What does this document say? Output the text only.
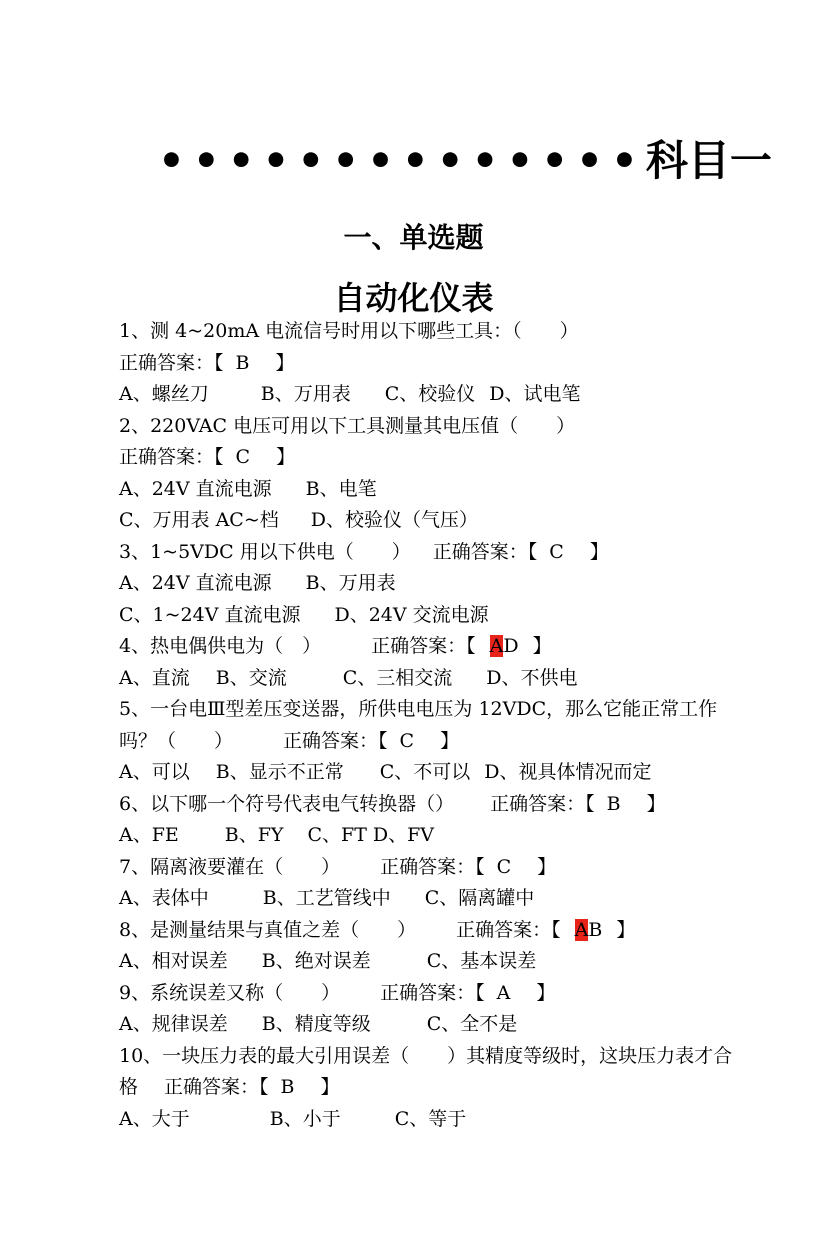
••••••••••••••科目一
一、单选题
自动化仪表
1、测 4~20mA 电流信号时用以下哪些工具：（　　）
正确答案：【 B 】
A、螺丝刀	B、万用表 C、校验仪 D、试电笔
2、220VAC 电压可用以下工具测量其电压值（　　）
正确答案：【 C 】
A、24V 直流电源 B、电笔
C、万用表 AC~档 D、校验仪（气压）
3、1~5VDC 用以下供电（　　） 正确答案：【 C 】
A、24V 直流电源 B、万用表
C、1~24V 直流电源 D、24V 交流电源
4、热电偶供电为（　）	正确答案：【 AD 】
A、直流 B、交流	C、三相交流 D、不供电
5、一台电Ⅲ型差压变送器，所供电电压为 12VDC，那么它能正常工作吗？（　　）	正确答案：【 C 】
A、可以 B、显示不正常 C、不可以 D、视具体情况而定
6、以下哪一个符号代表电气转换器（） 正确答案：【 B 】
A、FE B、FY C、FT D、FV
7、隔离液要灌在（　　） 正确答案：【 C 】
A、表体中	B、工艺管线中 C、隔离罐中
8、是测量结果与真值之差（　　） 正确答案：【 AB 】
A、相对误差 B、绝对误差	C、基本误差
9、系统误差又称（　　） 正确答案：【 A 】
A、规律误差 B、精度等级	C、全不是
10、一块压力表的最大引用误差（　　）其精度等级时，这块压力表才合格 正确答案：【 B 】
A、大于	B、小于	C、等于
